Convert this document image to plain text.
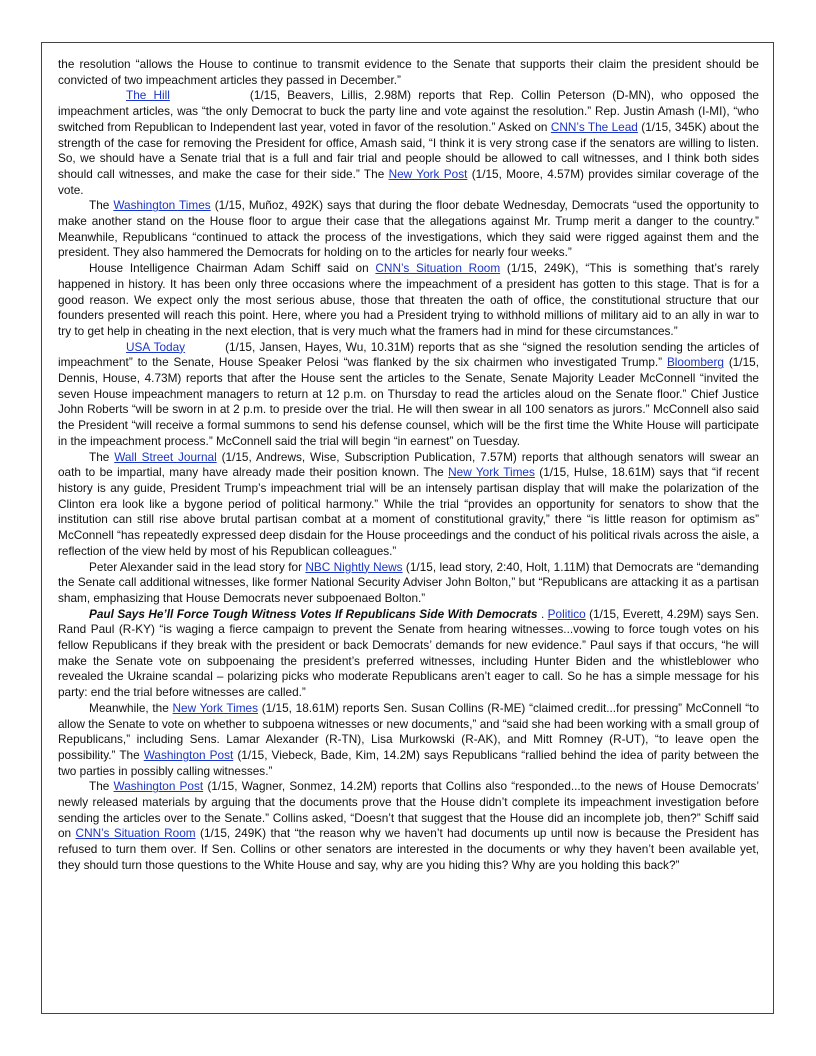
the resolution “allows the House to continue to transmit evidence to the Senate that supports their claim the president should be convicted of two impeachment articles they passed in December.”

The Hill	(1/15, Beavers, Lillis, 2.98M) reports that Rep. Collin Peterson (D-MN), who opposed the impeachment articles, was “the only Democrat to buck the party line and vote against the resolution.” Rep. Justin Amash (I-MI), “who switched from Republican to Independent last year, voted in favor of the resolution.” Asked on CNN’s The Lead (1/15, 345K) about the strength of the case for removing the President for office, Amash said, “I think it is very strong case if the senators are willing to listen. So, we should have a Senate trial that is a full and fair trial and people should be allowed to call witnesses, and I think both sides should call witnesses, and make the case for their side.” The New York Post (1/15, Moore, 4.57M) provides similar coverage of the vote.

The Washington Times (1/15, Muñoz, 492K) says that during the floor debate Wednesday, Democrats “used the opportunity to make another stand on the House floor to argue their case that the allegations against Mr. Trump merit a danger to the country.” Meanwhile, Republicans “continued to attack the process of the investigations, which they said were rigged against them and the president. They also hammered the Democrats for holding on to the articles for nearly four weeks.”

House Intelligence Chairman Adam Schiff said on CNN’s Situation Room (1/15, 249K), “This is something that’s rarely happened in history. It has been only three occasions where the impeachment of a president has gotten to this stage. That is for a good reason. We expect only the most serious abuse, those that threaten the oath of office, the constitutional structure that our founders presented will reach this point. Here, where you had a President trying to withhold millions of military aid to an ally in war to try to get help in cheating in the next election, that is very much what the framers had in mind for these circumstances.”

USA Today	(1/15, Jansen, Hayes, Wu, 10.31M) reports that as she “signed the resolution sending the articles of impeachment” to the Senate, House Speaker Pelosi “was flanked by the six chairmen who investigated Trump.” Bloomberg (1/15, Dennis, House, 4.73M) reports that after the House sent the articles to the Senate, Senate Majority Leader McConnell “invited the seven House impeachment managers to return at 12 p.m. on Thursday to read the articles aloud on the Senate floor.” Chief Justice John Roberts “will be sworn in at 2 p.m. to preside over the trial. He will then swear in all 100 senators as jurors.” McConnell also said the President “will receive a formal summons to send his defense counsel, which will be the first time the White House will participate in the impeachment process.” McConnell said the trial will begin “in earnest” on Tuesday.

The Wall Street Journal (1/15, Andrews, Wise, Subscription Publication, 7.57M) reports that although senators will swear an oath to be impartial, many have already made their position known. The New York Times (1/15, Hulse, 18.61M) says that “if recent history is any guide, President Trump’s impeachment trial will be an intensely partisan display that will make the polarization of the Clinton era look like a bygone period of political harmony.” While the trial “provides an opportunity for senators to show that the institution can still rise above brutal partisan combat at a moment of constitutional gravity,” there “is little reason for optimism as” McConnell “has repeatedly expressed deep disdain for the House proceedings and the conduct of his political rivals across the aisle, a reflection of the view held by most of his Republican colleagues.”

Peter Alexander said in the lead story for NBC Nightly News (1/15, lead story, 2:40, Holt, 1.11M) that Democrats are “demanding the Senate call additional witnesses, like former National Security Adviser John Bolton,” but “Republicans are attacking it as a partisan sham, emphasizing that House Democrats never subpoenaed Bolton.”

Paul Says He’ll Force Tough Witness Votes If Republicans Side With Democrats . Politico (1/15, Everett, 4.29M) says Sen. Rand Paul (R-KY) “is waging a fierce campaign to prevent the Senate from hearing witnesses...vowing to force tough votes on his fellow Republicans if they break with the president or back Democrats’ demands for new evidence.” Paul says if that occurs, “he will make the Senate vote on subpoenaing the president’s preferred witnesses, including Hunter Biden and the whistleblower who revealed the Ukraine scandal – polarizing picks who moderate Republicans aren’t eager to call. So he has a simple message for his party: end the trial before witnesses are called.”

Meanwhile, the New York Times (1/15, 18.61M) reports Sen. Susan Collins (R-ME) “claimed credit...for pressing” McConnell “to allow the Senate to vote on whether to subpoena witnesses or new documents,” and “said she had been working with a small group of Republicans,” including Sens. Lamar Alexander (R-TN), Lisa Murkowski (R-AK), and Mitt Romney (R-UT), “to leave open the possibility.” The Washington Post (1/15, Viebeck, Bade, Kim, 14.2M) says Republicans “rallied behind the idea of parity between the two parties in possibly calling witnesses.”

The Washington Post (1/15, Wagner, Sonmez, 14.2M) reports that Collins also “responded...to the news of House Democrats’ newly released materials by arguing that the documents prove that the House didn’t complete its impeachment investigation before sending the articles over to the Senate.” Collins asked, “Doesn’t that suggest that the House did an incomplete job, then?” Schiff said on CNN’s Situation Room (1/15, 249K) that “the reason why we haven’t had documents up until now is because the President has refused to turn them over. If Sen. Collins or other senators are interested in the documents or why they haven’t been available yet, they should turn those questions to the White House and say, why are you hiding this? Why are you holding this back?”
